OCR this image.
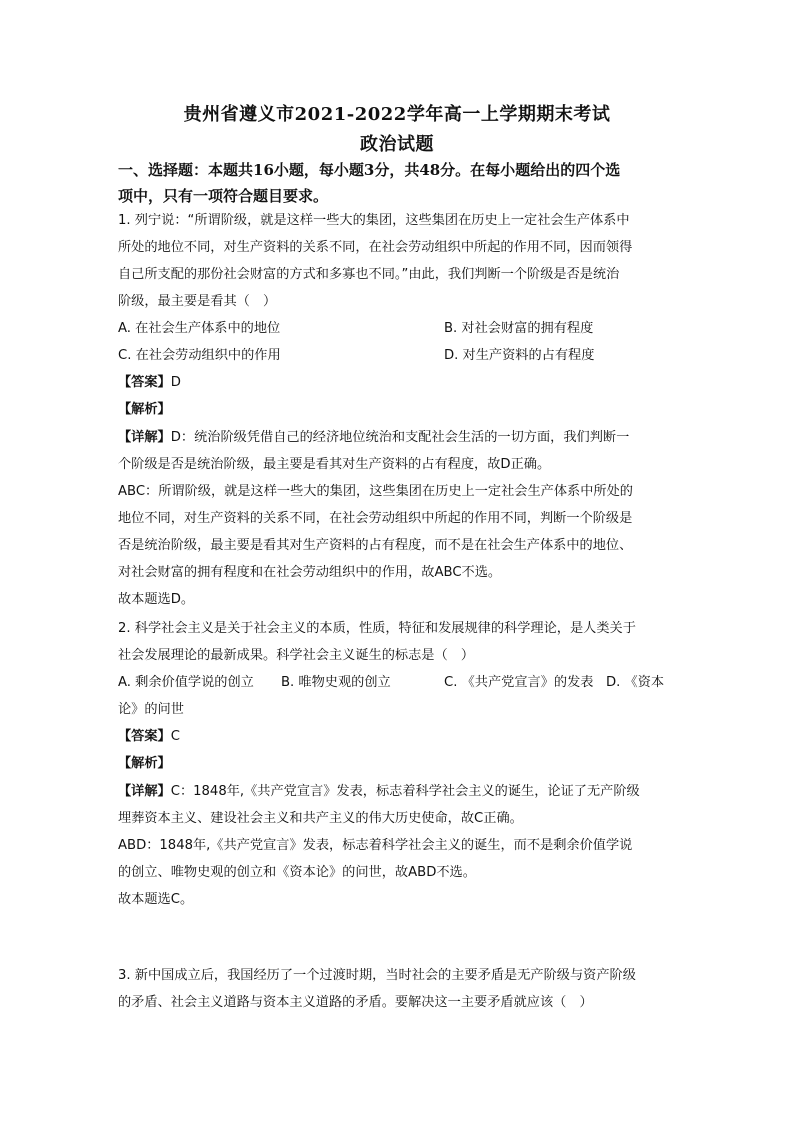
贵州省遵义市2021-2022学年高一上学期期末考试
政治试题
一、选择题：本题共16小题，每小题3分，共48分。在每小题给出的四个选
项中，只有一项符合题目要求。
1. 列宁说：“所谓阶级，就是这样一些大的集团，这些集团在历史上一定社会生产体系中
所处的地位不同，对生产资料的关系不同，在社会劳动组织中所起的作用不同，因而领得
自己所支配的那份社会财富的方式和多寡也不同。”由此，我们判断一个阶级是否是统治
阶级，最主要是看其（　）
A. 在社会生产体系中的地位	B. 对社会财富的拥有程度
C. 在社会劳动组织中的作用	D. 对生产资料的占有程度
【答案】D
【解析】
【详解】D：统治阶级凭借自己的经济地位统治和支配社会生活的一切方面，我们判断一
个阶级是否是统治阶级，最主要是看其对生产资料的占有程度，故D正确。
ABC：所谓阶级，就是这样一些大的集团，这些集团在历史上一定社会生产体系中所处的
地位不同，对生产资料的关系不同，在社会劳动组织中所起的作用不同，判断一个阶级是
否是统治阶级，最主要是看其对生产资料的占有程度，而不是在社会生产体系中的地位、
对社会财富的拥有程度和在社会劳动组织中的作用，故ABC不选。
故本题选D。
2. 科学社会主义是关于社会主义的本质，性质，特征和发展规律的科学理论，是人类关于
社会发展理论的最新成果。科学社会主义诞生的标志是（　）
A. 剩余价值学说的创立 B. 唯物史观的创立	C. 《共产党宣言》的发表 D. 《资本
论》的问世
【答案】C
【解析】
【详解】C：1848年,《共产党宣言》发表，标志着科学社会主义的诞生，论证了无产阶级
埋葬资本主义、建设社会主义和共产主义的伟大历史使命，故C正确。
ABD：1848年,《共产党宣言》发表，标志着科学社会主义的诞生，而不是剩余价值学说
的创立、唯物史观的创立和《资本论》的问世，故ABD不选。
故本题选C。
3. 新中国成立后，我国经历了一个过渡时期，当时社会的主要矛盾是无产阶级与资产阶级
的矛盾、社会主义道路与资本主义道路的矛盾。要解决这一主要矛盾就应该（　）
